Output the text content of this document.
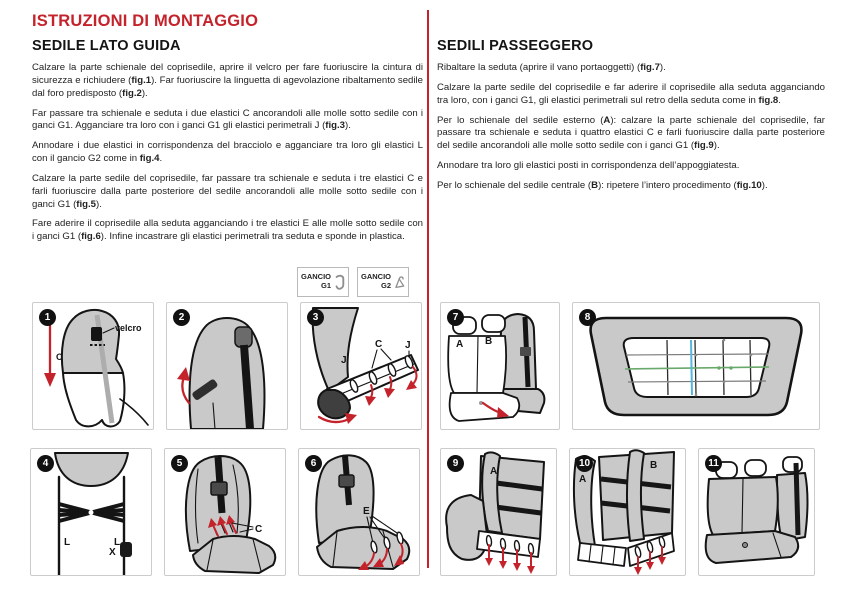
ISTRUZIONI DI MONTAGGIO
SEDILE LATO GUIDA

Calzare la parte schienale del coprisedile, aprire il velcro per fare fuoriuscire la cintura di sicurezza e richiudere (fig.1). Far fuoriuscire la linguetta di agevolazione ribaltamento sedile dal foro predisposto (fig.2).

Far passare tra schienale e seduta i due elastici C ancorandoli alle molle sotto sedile con i ganci G1. Agganciare tra loro con i ganci G1 gli elastici perimetrali J (fig.3).

Annodare i due elastici in corrispondenza del bracciolo e agganciare tra loro gli elastici L con il gancio G2 come in fig.4.

Calzare la parte sedile del coprisedile, far passare tra schienale e seduta i tre elastici C e farli fuoriuscire dalla parte posteriore del sedile ancorandoli alle molle sotto sedile con i ganci G1 (fig.5).

Fare aderire il coprisedile alla seduta agganciando i tre elastici E alle molle sotto sedile con i ganci G1 (fig.6). Infine incastrare gli elastici perimetrali tra seduta e sponde in plastica.

SEDILI PASSEGGERO

Ribaltare la seduta (aprire il vano portaoggetti) (fig.7).

Calzare la parte sedile del coprisedile e far aderire il coprisedile alla seduta agganciando tra loro, con i ganci G1, gli elastici perimetrali sul retro della seduta come in fig.8.

Per lo schienale del sedile esterno (A): calzare la parte schienale del coprisedile, far passare tra schienale e seduta i quattro elastici C e farli fuoriuscire dalla parte posteriore del sedile ancorandoli alle molle sotto sedile con i ganci G1 (fig.9).

Annodare tra loro gli elastici posti in corrispondenza dell’appoggiatesta.

Per lo schienale del sedile centrale (B): ripetere l’intero procedimento (fig.10).

GANCIO
G1
GANCIO
G2
1
velcro
O
2	3
J
C J
4
L	L
X
5
C
6
E
7
A B
8
9
A
10
A
B	11
